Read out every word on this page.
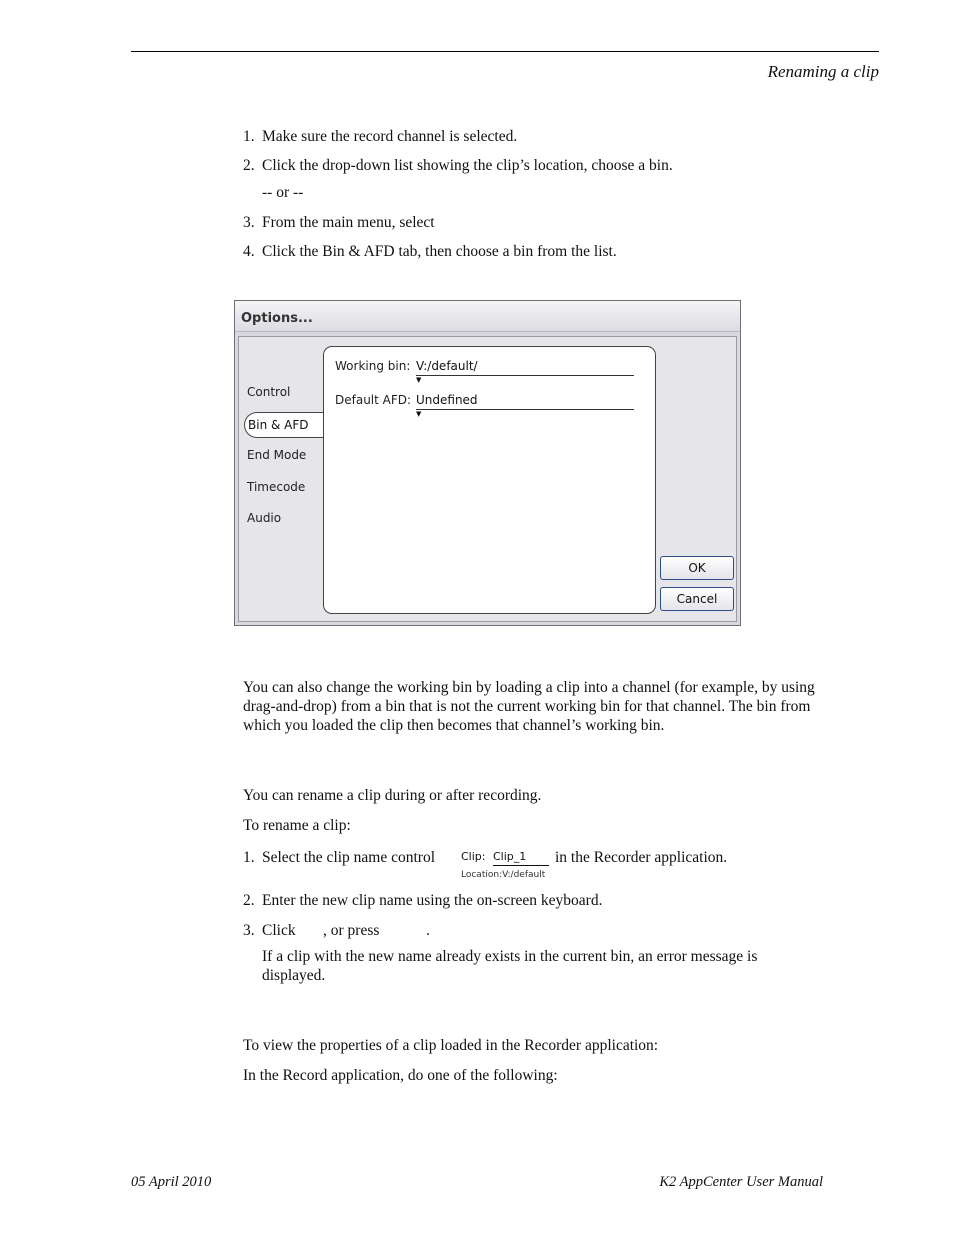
Renaming a clip
1. Make sure the record channel is selected.
2. Click the drop-down list showing the clip’s location, choose a bin.
-- or --
3. From the main menu, select
4. Click the Bin & AFD tab, then choose a bin from the list.
Options...
Control
Bin & AFD
End Mode
Timecode
Audio
Working bin: V:/default/
▼
Default AFD: Undefined
▼
OK
Cancel
You can also change the working bin by loading a clip into a channel (for example, by using drag-and-drop) from a bin that is not the current working bin for that channel. The bin from which you loaded the clip then becomes that channel’s working bin.
You can rename a clip during or after recording.
To rename a clip:
1. Select the clip name control Clip: Clip_1
Location:V:/default
in the Recorder application.
2. Enter the new clip name using the on-screen keyboard.
3. Click , or press	.
If a clip with the new name already exists in the current bin, an error message is displayed.
To view the properties of a clip loaded in the Recorder application:
In the Record application, do one of the following:
05 April 2010	K2 AppCenter User Manual
